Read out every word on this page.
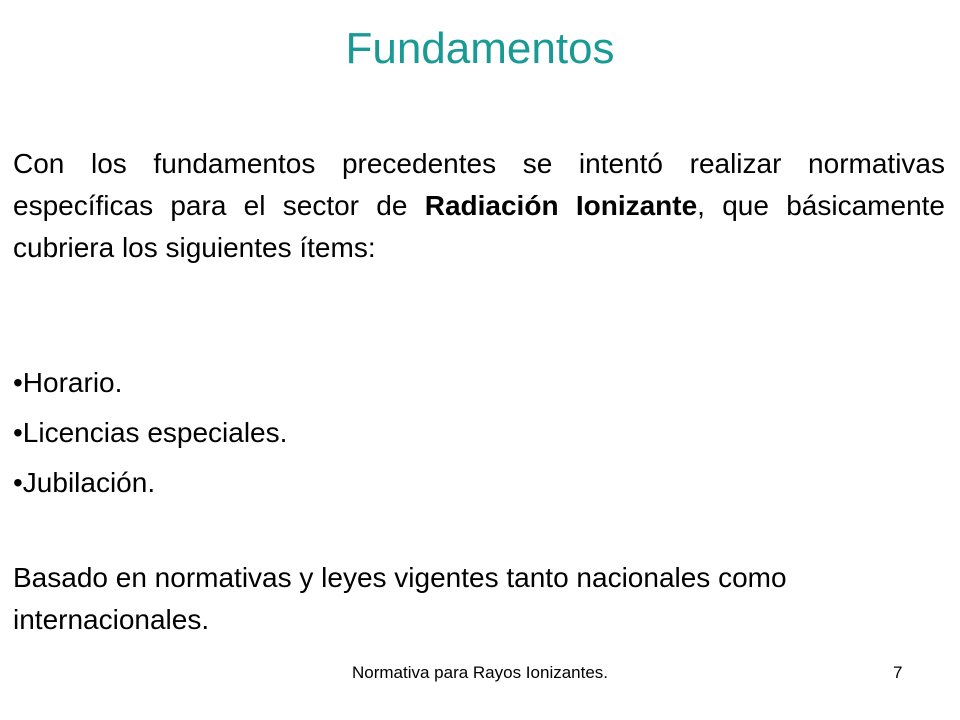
Fundamentos

Con los fundamentos precedentes se intentó realizar normativas específicas para el sector de Radiación Ionizante, que básicamente cubriera los siguientes ítems:

•Horario.
•Licencias especiales.
•Jubilación.

Basado en normativas y leyes vigentes tanto nacionales como internacionales.

Normativa para Rayos Ionizantes.	7
